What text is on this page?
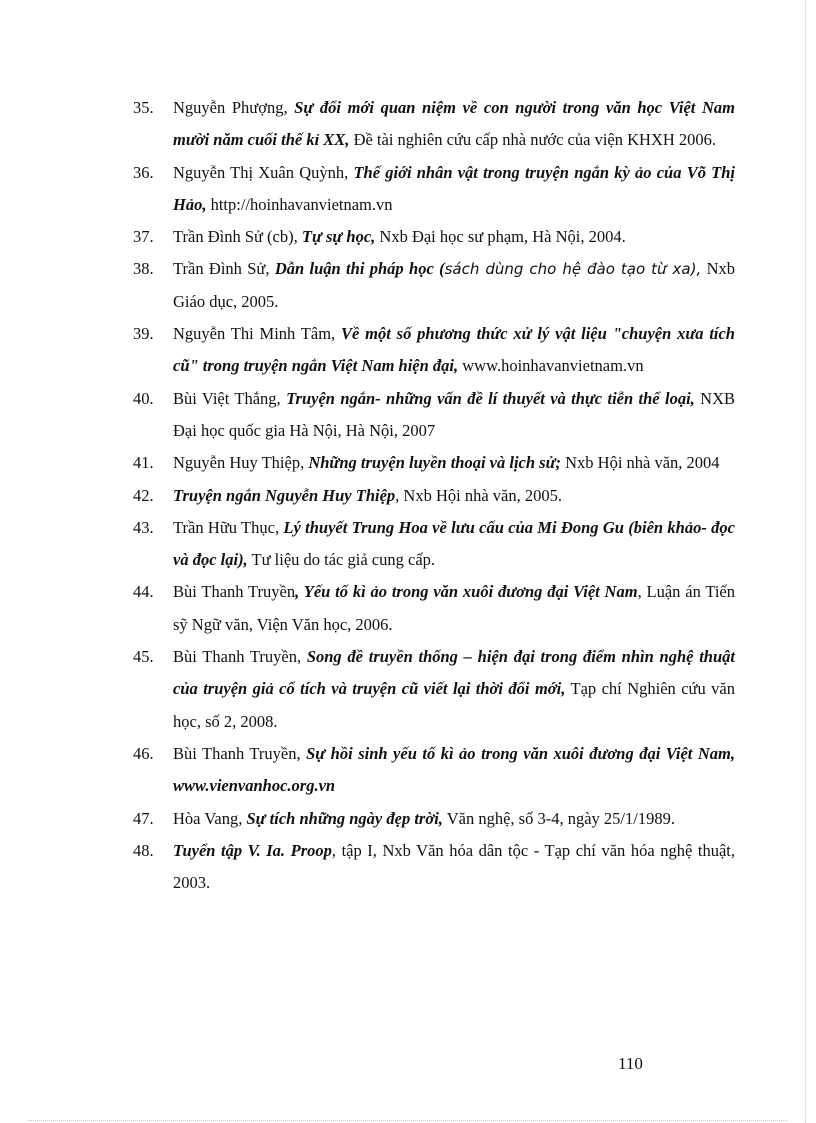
35.	Nguyễn Phượng, Sự đổi mới quan niệm về con người trong văn học Việt Nam mười năm cuối thế kỉ XX, Đề tài nghiên cứu cấp nhà nước của viện KHXH 2006.
36.	Nguyễn Thị Xuân Quỳnh, Thế giới nhân vật trong truyện ngắn kỳ ảo của Võ Thị Hảo, http://hoinhavanvietnam.vn
37.	Trần Đình Sử (cb), Tự sự học, Nxb Đại học sư phạm, Hà Nội, 2004.
38.	Trần Đình Sử, Dẫn luận thi pháp học (sách dùng cho hệ đào tạo từ xa), Nxb Giáo dục, 2005.
39.	Nguyễn Thi Minh Tâm, Về một số phương thức xử lý vật liệu "chuyện xưa tích cũ" trong truyện ngắn Việt Nam hiện đại, www.hoinhavanvietnam.vn
40.	Bùi Việt Thắng, Truyện ngắn- những vấn đề lí thuyết và thực tiễn thể loại, NXB Đại học quốc gia Hà Nội, Hà Nội, 2007
41.	Nguyễn Huy Thiệp, Những truyện luyền thoại và lịch sử; Nxb Hội nhà văn, 2004
42.	Truyện ngắn Nguyễn Huy Thiệp, Nxb Hội nhà văn, 2005.
43.	Trần Hữu Thục, Lý thuyết Trung Hoa về lưu cấu của Mi Đong Gu (biên khảo- đọc và đọc lại), Tư liệu do tác giả cung cấp.
44.	Bùi Thanh Truyền, Yếu tố kì ảo trong văn xuôi đương đại Việt Nam, Luận án Tiến sỹ Ngữ văn, Viện Văn học, 2006.
45.	Bùi Thanh Truyền, Song đề truyền thống – hiện đại trong điểm nhìn nghệ thuật của truyện giả cổ tích và truyện cũ viết lại thời đổi mới, Tạp chí Nghiên cứu văn học, số 2, 2008.
46.	Bùi Thanh Truyền, Sự hồi sinh yếu tố kì ảo trong văn xuôi đương đại Việt Nam, www.vienvanhoc.org.vn
47.	Hòa Vang, Sự tích những ngày đẹp trời, Văn nghệ, số 3-4, ngày 25/1/1989.
48.	Tuyển tập V. Ia. Proop, tập I, Nxb Văn hóa dân tộc - Tạp chí văn hóa nghệ thuật, 2003.
110
